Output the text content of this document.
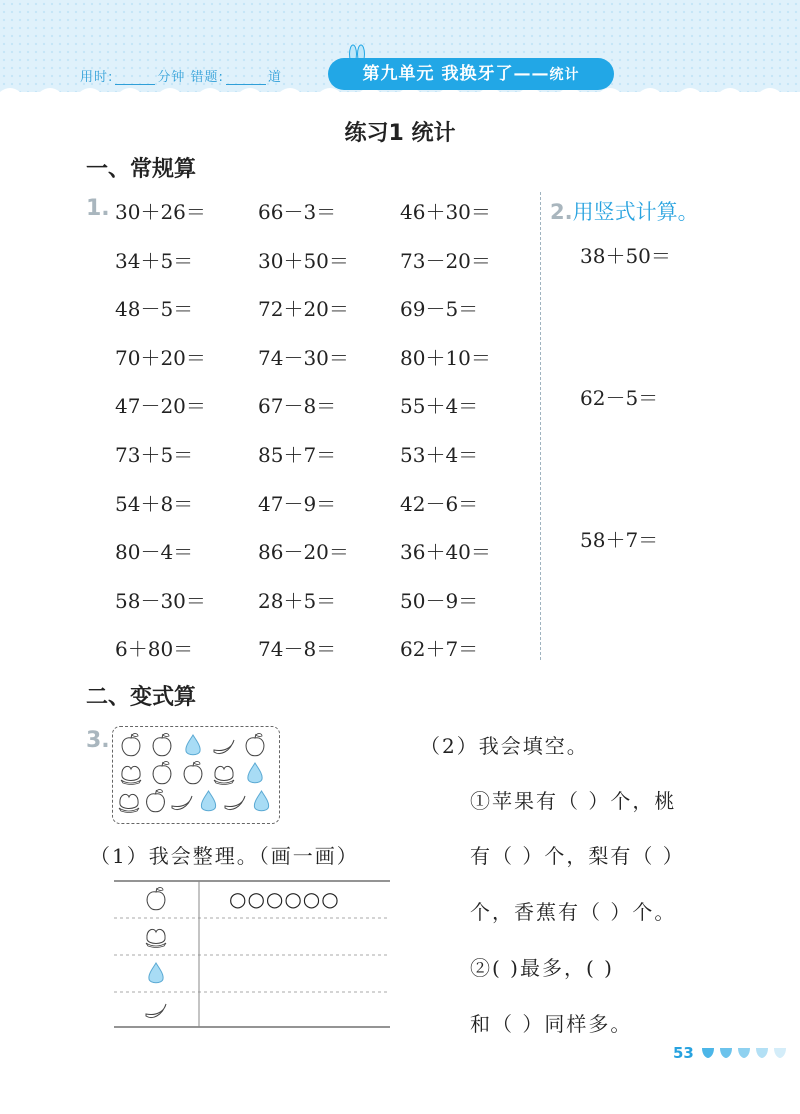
用时:	分钟 错题:	道	第九单元 我换牙了——统计
练习1 统计
一、常规算
1. 30＋26＝	66－3＝	46＋30＝
34＋5＝	30＋50＝	73－20＝
48－5＝	72＋20＝	69－5＝
70＋20＝	74－30＝	80＋10＝
47－20＝	67－8＝	55＋4＝
73＋5＝	85＋7＝	53＋4＝
54＋8＝	47－9＝	42－6＝
80－4＝	86－20＝	36＋40＝
58－30＝	28＋5＝	50－9＝
6＋80＝	74－8＝	62＋7＝
2.用竖式计算。
38＋50＝
62－5＝
58＋7＝
二、变式算
3.
（1）我会整理。（画一画）
○○○○○○
（2）我会填空。
①苹果有（ ）个，桃
有（ ）个，梨有（ ）
个，香蕉有（ ）个。
②( )最多，( )
和（ ）同样多。
53
